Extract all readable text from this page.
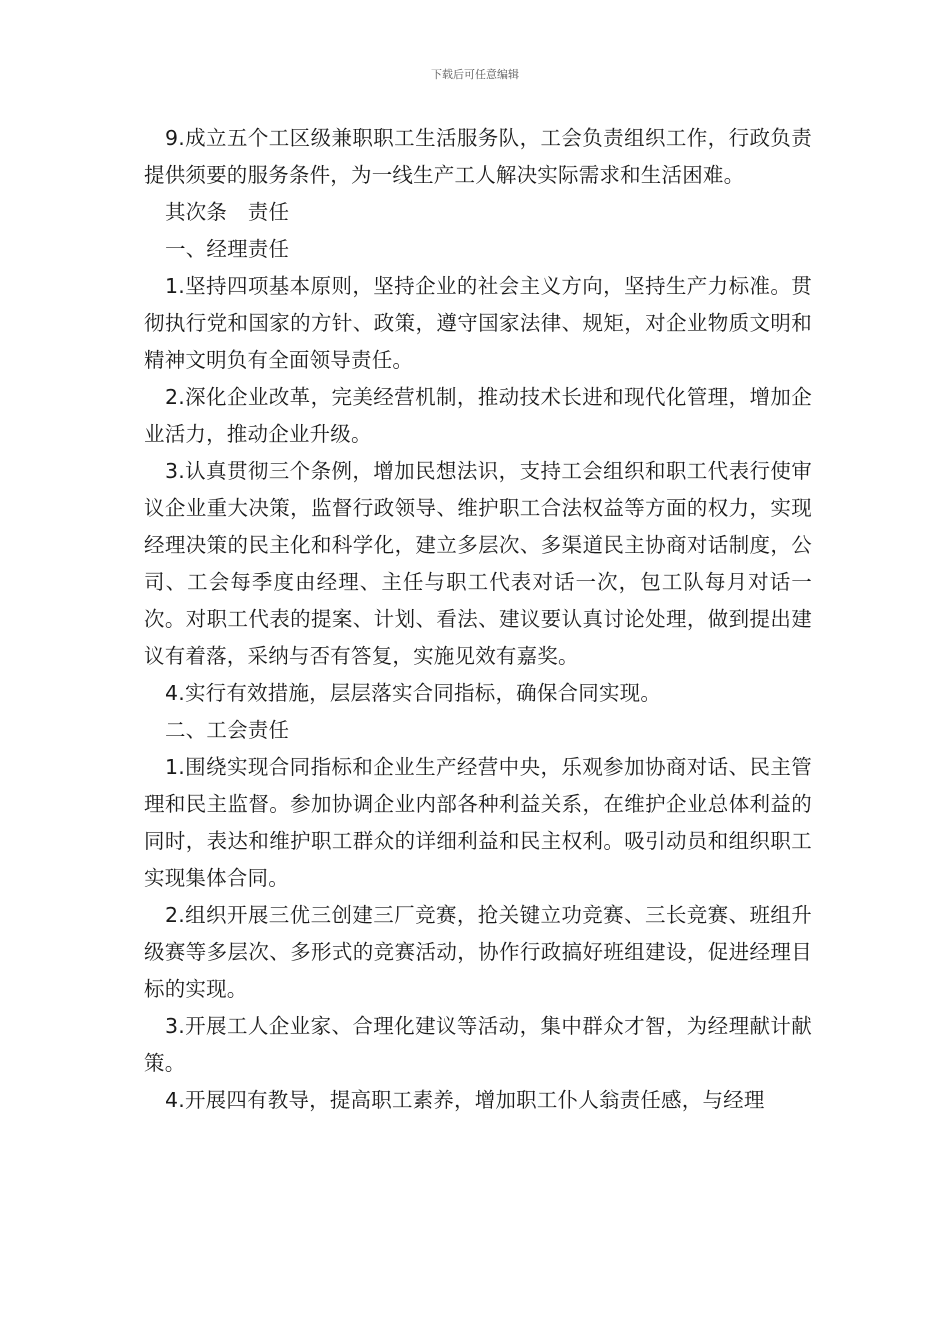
下载后可任意编辑

9.成立五个工区级兼职职工生活服务队，工会负责组织工作，行政负责提供须要的服务条件，为一线生产工人解决实际需求和生活困难。

其次条　责任

一、经理责任

1.坚持四项基本原则，坚持企业的社会主义方向，坚持生产力标准。贯彻执行党和国家的方针、政策，遵守国家法律、规矩，对企业物质文明和精神文明负有全面领导责任。

2.深化企业改革，完美经营机制，推动技术长进和现代化管理，增加企业活力，推动企业升级。

3.认真贯彻三个条例，增加民想法识，支持工会组织和职工代表行使审议企业重大决策，监督行政领导、维护职工合法权益等方面的权力，实现经理决策的民主化和科学化，建立多层次、多渠道民主协商对话制度，公司、工会每季度由经理、主任与职工代表对话一次，包工队每月对话一次。对职工代表的提案、计划、看法、建议要认真讨论处理，做到提出建议有着落，采纳与否有答复，实施见效有嘉奖。

4.实行有效措施，层层落实合同指标，确保合同实现。

二、工会责任

1.围绕实现合同指标和企业生产经营中央，乐观参加协商对话、民主管理和民主监督。参加协调企业内部各种利益关系，在维护企业总体利益的同时，表达和维护职工群众的详细利益和民主权利。吸引动员和组织职工实现集体合同。

2.组织开展三优三创建三厂竞赛，抢关键立功竞赛、三长竞赛、班组升级赛等多层次、多形式的竞赛活动，协作行政搞好班组建设，促进经理目标的实现。

3.开展工人企业家、合理化建议等活动，集中群众才智，为经理献计献策。

4.开展四有教导，提高职工素养，增加职工仆人翁责任感，与经理
